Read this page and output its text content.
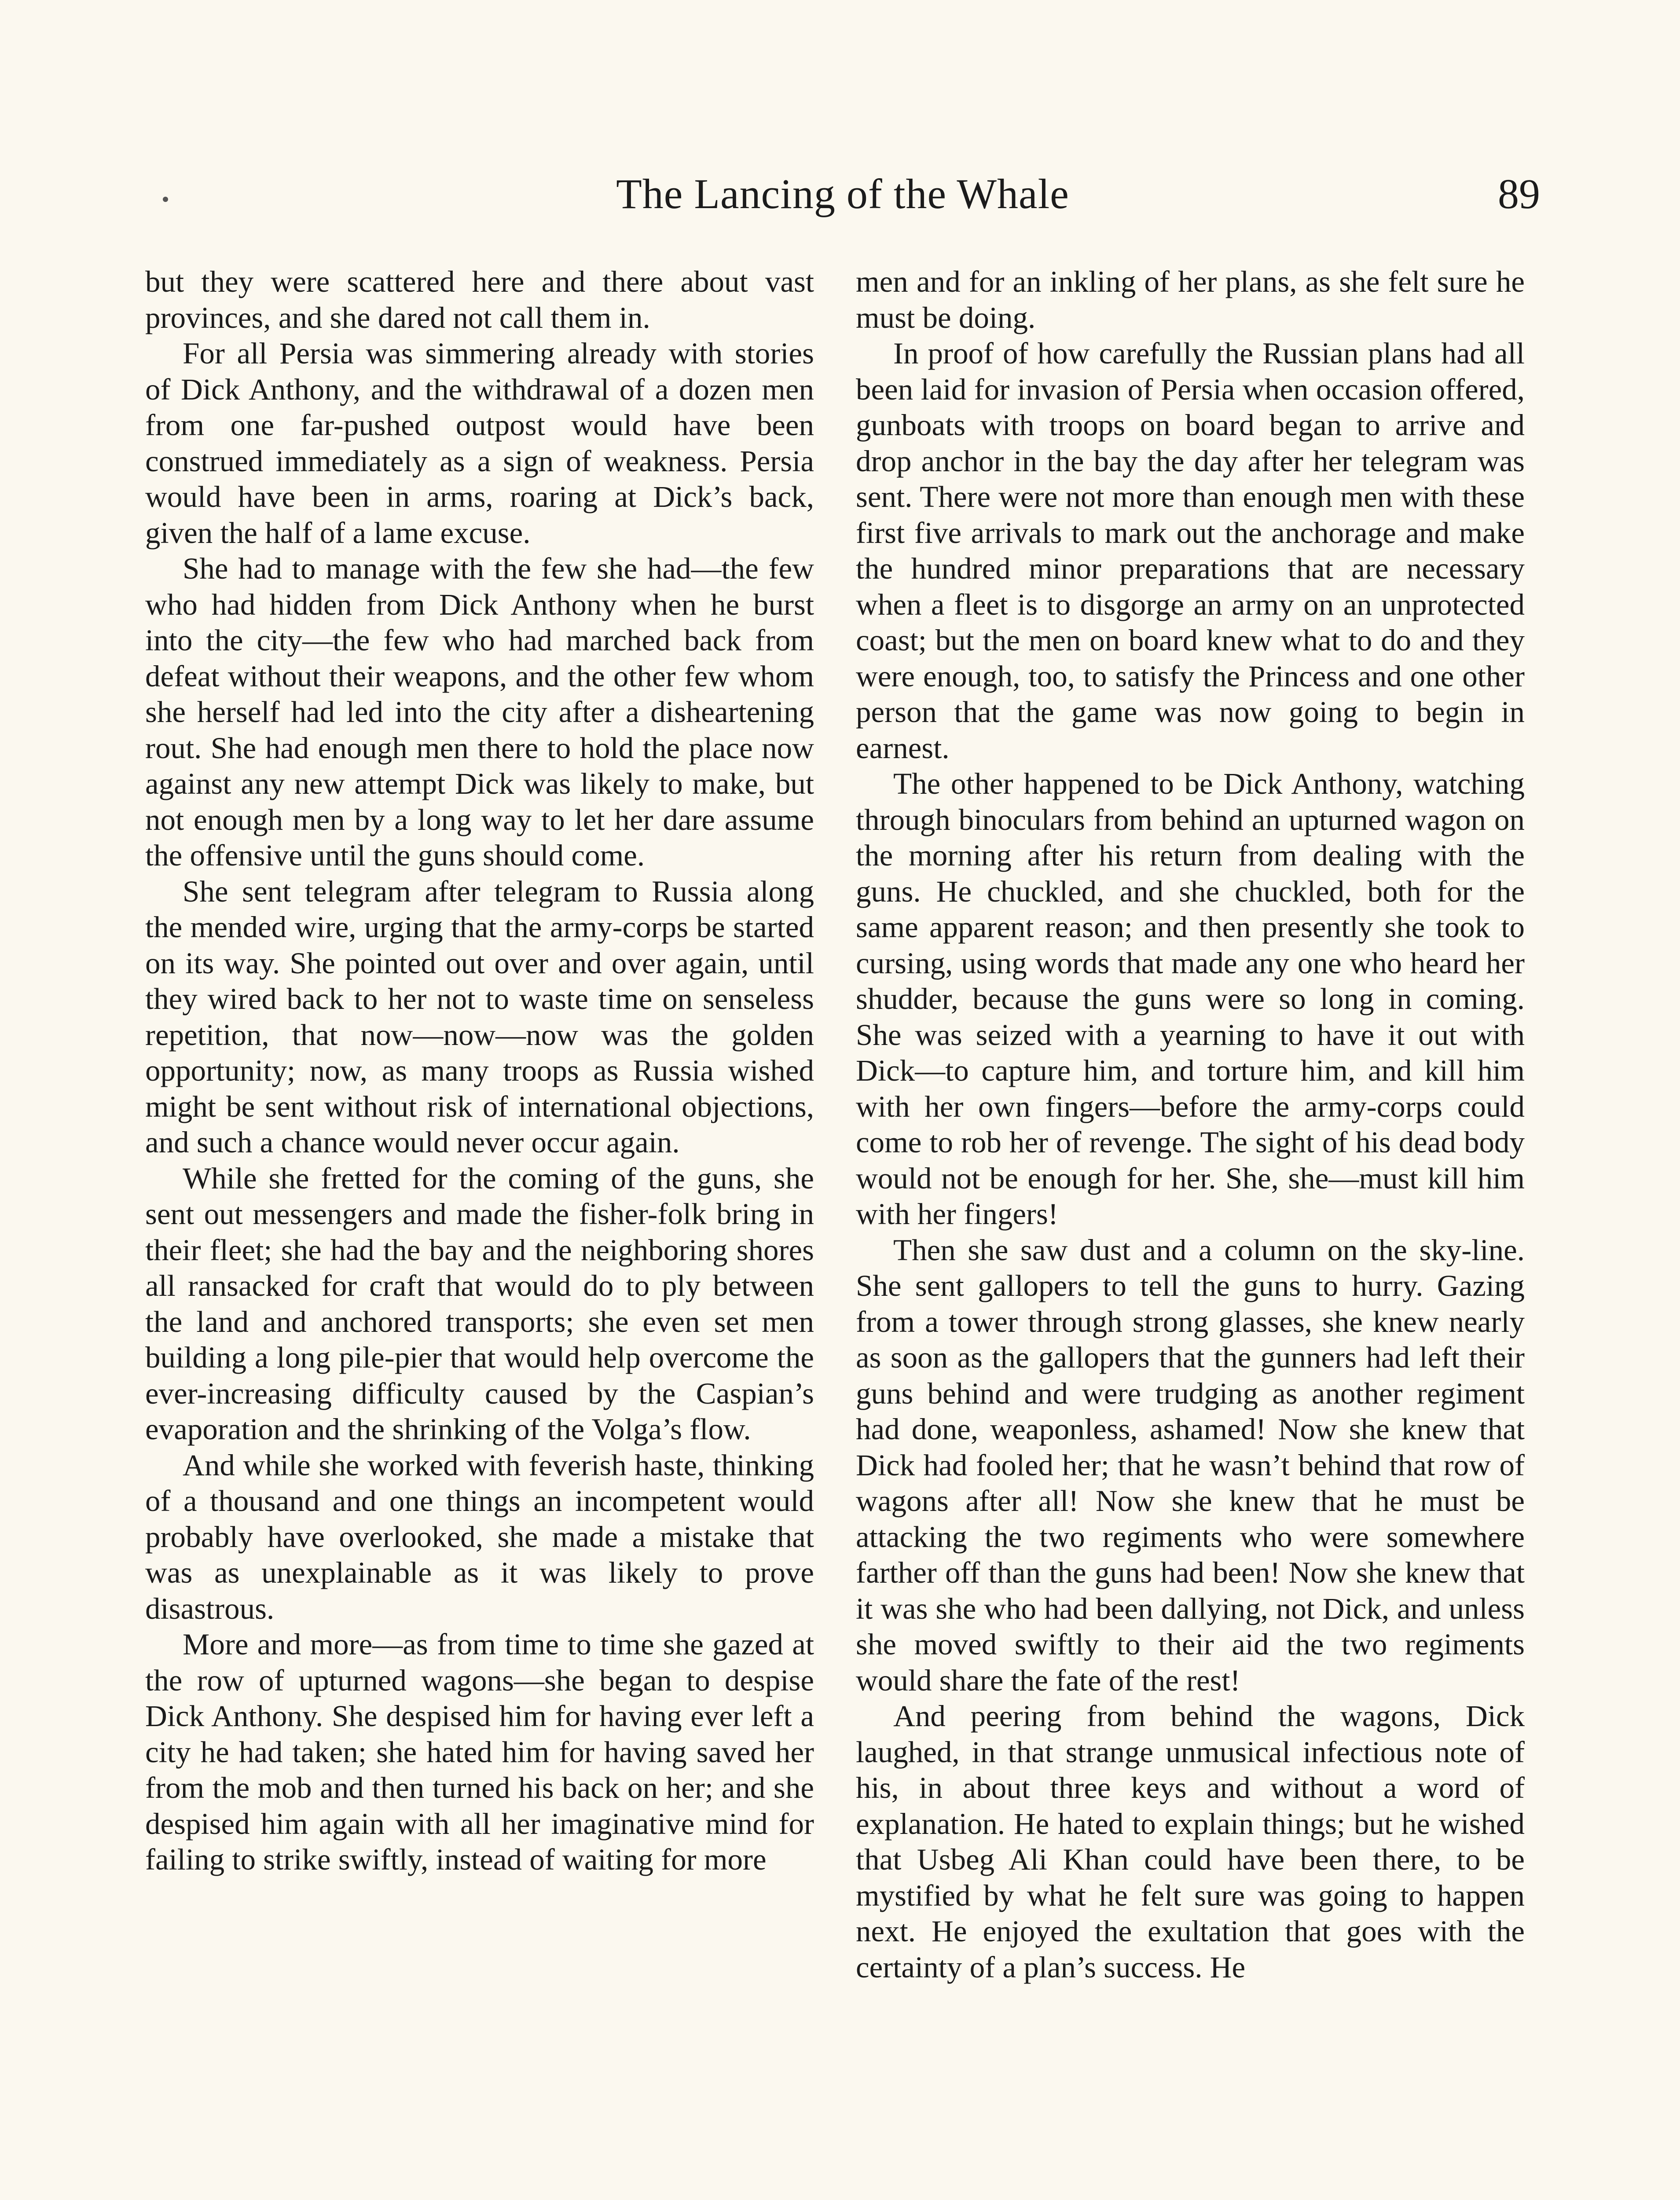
The Lancing of the Whale	89

but they were scattered here and there about vast provinces, and she dared not call them in.

For all Persia was simmering already with stories of Dick Anthony, and the withdrawal of a dozen men from one far-pushed outpost would have been construed immediately as a sign of weakness. Persia would have been in arms, roaring at Dick’s back, given the half of a lame excuse.

She had to manage with the few she had—the few who had hidden from Dick Anthony when he burst into the city—the few who had marched back from defeat without their weapons, and the other few whom she herself had led into the city after a disheartening rout. She had enough men there to hold the place now against any new attempt Dick was likely to make, but not enough men by a long way to let her dare assume the offensive until the guns should come.

She sent telegram after telegram to Russia along the mended wire, urging that the army-corps be started on its way. She pointed out over and over again, until they wired back to her not to waste time on senseless repetition, that now—now—now was the golden opportunity; now, as many troops as Russia wished might be sent without risk of international objections, and such a chance would never occur again.

While she fretted for the coming of the guns, she sent out messengers and made the fisher-folk bring in their fleet; she had the bay and the neighboring shores all ransacked for craft that would do to ply between the land and anchored transports; she even set men building a long pile-pier that would help overcome the ever-increasing difficulty caused by the Caspian’s evaporation and the shrinking of the Volga’s flow.

And while she worked with feverish haste, thinking of a thousand and one things an incompetent would probably have overlooked, she made a mistake that was as unexplainable as it was likely to prove disastrous.

More and more—as from time to time she gazed at the row of upturned wagons—she began to despise Dick Anthony. She despised him for having ever left a city he had taken; she hated him for having saved her from the mob and then turned his back on her; and she despised him again with all her imaginative mind for failing to strike swiftly, instead of waiting for more

men and for an inkling of her plans, as she felt sure he must be doing.

In proof of how carefully the Russian plans had all been laid for invasion of Persia when occasion offered, gunboats with troops on board began to arrive and drop anchor in the bay the day after her telegram was sent. There were not more than enough men with these first five arrivals to mark out the anchorage and make the hundred minor preparations that are necessary when a fleet is to disgorge an army on an unprotected coast; but the men on board knew what to do and they were enough, too, to satisfy the Princess and one other person that the game was now going to begin in earnest.

The other happened to be Dick Anthony, watching through binoculars from behind an upturned wagon on the morning after his return from dealing with the guns. He chuckled, and she chuckled, both for the same apparent reason; and then presently she took to cursing, using words that made any one who heard her shudder, because the guns were so long in coming. She was seized with a yearning to have it out with Dick—to capture him, and torture him, and kill him with her own fingers—before the army-corps could come to rob her of revenge. The sight of his dead body would not be enough for her. She, she—must kill him with her fingers!

Then she saw dust and a column on the sky-line. She sent gallopers to tell the guns to hurry. Gazing from a tower through strong glasses, she knew nearly as soon as the gallopers that the gunners had left their guns behind and were trudging as another regiment had done, weaponless, ashamed! Now she knew that Dick had fooled her; that he wasn’t behind that row of wagons after all! Now she knew that he must be attacking the two regiments who were somewhere farther off than the guns had been! Now she knew that it was she who had been dallying, not Dick, and unless she moved swiftly to their aid the two regiments would share the fate of the rest!

And peering from behind the wagons, Dick laughed, in that strange unmusical infectious note of his, in about three keys and without a word of explanation. He hated to explain things; but he wished that Usbeg Ali Khan could have been there, to be mystified by what he felt sure was going to happen next. He enjoyed the exultation that goes with the certainty of a plan’s success. He
